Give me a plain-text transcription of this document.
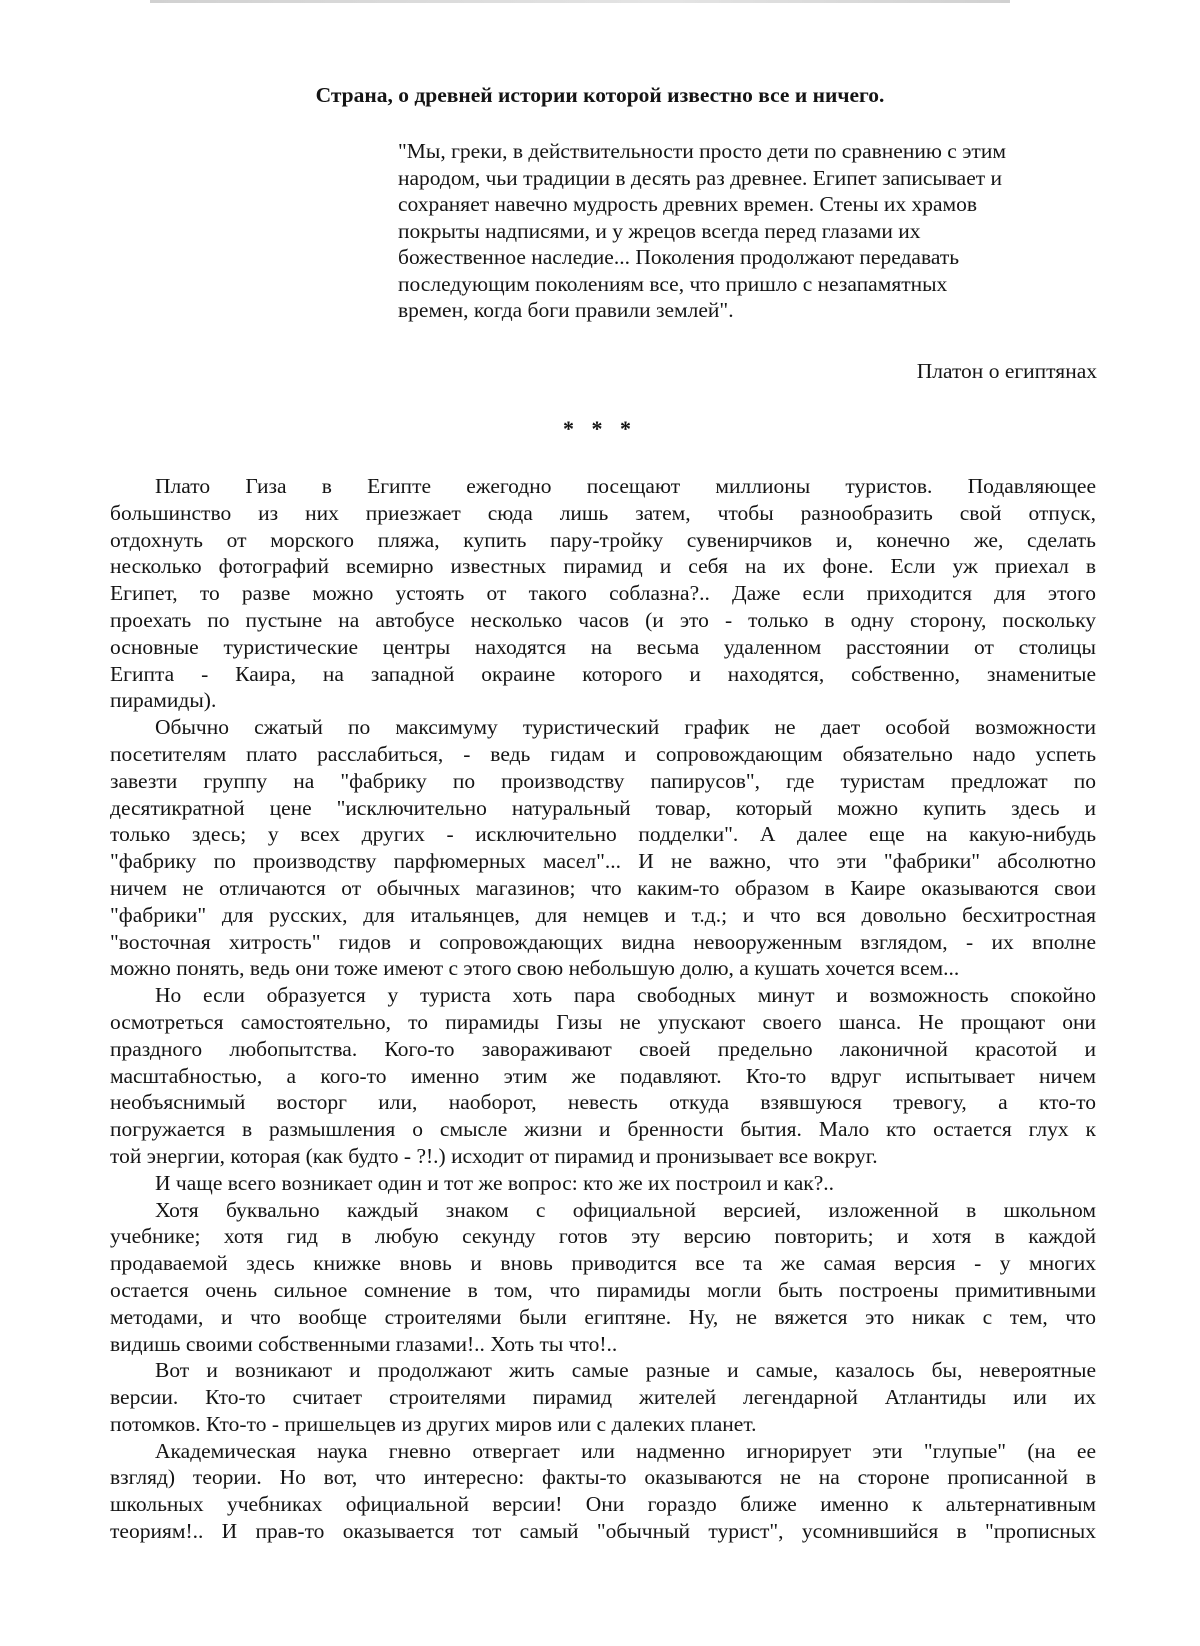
Страна, о древней истории которой известно все и ничего.
"Мы, греки, в действительности просто дети по сравнению с этим
народом, чьи традиции в десять раз древнее. Египет записывает и
сохраняет навечно мудрость древних времен. Стены их храмов
покрыты надписями, и у жрецов всегда перед глазами их
божественное наследие... Поколения продолжают передавать
последующим поколениям все, что пришло с незапамятных
времен, когда боги правили землей".

Платон о египтянах

* * *

Плато Гиза в Египте ежегодно посещают миллионы туристов. Подавляющее
большинство из них приезжает сюда лишь затем, чтобы разнообразить свой отпуск,
отдохнуть от морского пляжа, купить пару-тройку сувенирчиков и, конечно же, сделать
несколько фотографий всемирно известных пирамид и себя на их фоне. Если уж приехал в
Египет, то разве можно устоять от такого соблазна?.. Даже если приходится для этого
проехать по пустыне на автобусе несколько часов (и это - только в одну сторону, поскольку
основные туристические центры находятся на весьма удаленном расстоянии от столицы
Египта - Каира, на западной окраине которого и находятся, собственно, знаменитые
пирамиды).
Обычно сжатый по максимуму туристический график не дает особой возможности
посетителям плато расслабиться, - ведь гидам и сопровождающим обязательно надо успеть
завезти группу на "фабрику по производству папирусов", где туристам предложат по
десятикратной цене "исключительно натуральный товар, который можно купить здесь и
только здесь; у всех других - исключительно подделки". А далее еще на какую-нибудь
"фабрику по производству парфюмерных масел"... И не важно, что эти "фабрики" абсолютно
ничем не отличаются от обычных магазинов; что каким-то образом в Каире оказываются свои
"фабрики" для русских, для итальянцев, для немцев и т.д.; и что вся довольно бесхитростная
"восточная хитрость" гидов и сопровождающих видна невооруженным взглядом, - их вполне
можно понять, ведь они тоже имеют с этого свою небольшую долю, а кушать хочется всем...
Но если образуется у туриста хоть пара свободных минут и возможность спокойно
осмотреться самостоятельно, то пирамиды Гизы не упускают своего шанса. Не прощают они
праздного любопытства. Кого-то завораживают своей предельно лаконичной красотой и
масштабностью, а кого-то именно этим же подавляют. Кто-то вдруг испытывает ничем
необъяснимый восторг или, наоборот, невесть откуда взявшуюся тревогу, а кто-то
погружается в размышления о смысле жизни и бренности бытия. Мало кто остается глух к
той энергии, которая (как будто - ?!.) исходит от пирамид и пронизывает все вокруг.
И чаще всего возникает один и тот же вопрос: кто же их построил и как?..
Хотя буквально каждый знаком с официальной версией, изложенной в школьном
учебнике; хотя гид в любую секунду готов эту версию повторить; и хотя в каждой
продаваемой здесь книжке вновь и вновь приводится все та же самая версия - у многих
остается очень сильное сомнение в том, что пирамиды могли быть построены примитивными
методами, и что вообще строителями были египтяне. Ну, не вяжется это никак с тем, что
видишь своими собственными глазами!.. Хоть ты что!..
Вот и возникают и продолжают жить самые разные и самые, казалось бы, невероятные
версии. Кто-то считает строителями пирамид жителей легендарной Атлантиды или их
потомков. Кто-то - пришельцев из других миров или с далеких планет.
Академическая наука гневно отвергает или надменно игнорирует эти "глупые" (на ее
взгляд) теории. Но вот, что интересно: факты-то оказываются не на стороне прописанной в
школьных учебниках официальной версии! Они гораздо ближе именно к альтернативным
теориям!.. И прав-то оказывается тот самый "обычный турист", усомнившийся в "прописных
